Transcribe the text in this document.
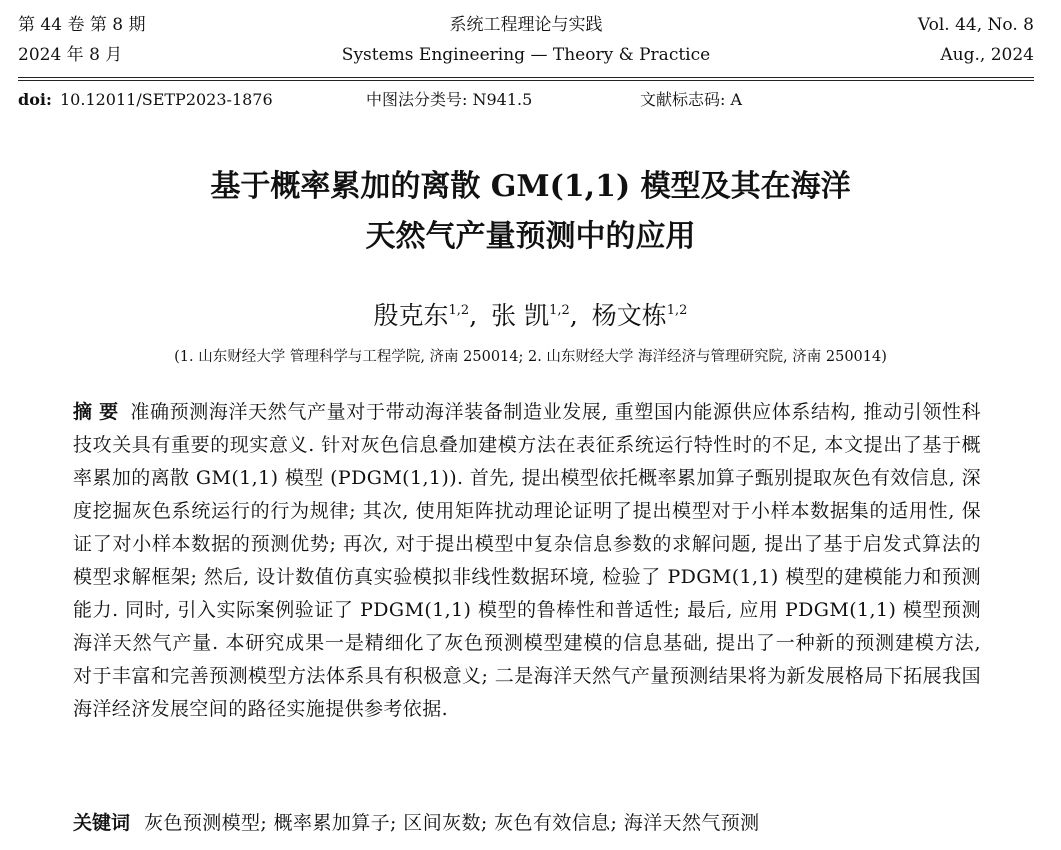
第 44 卷 第 8 期	系统工程理论与实践	Vol. 44, No. 8
2024 年 8 月	Systems Engineering — Theory & Practice	Aug., 2024
doi: 10.12011/SETP2023-1876	中图法分类号: N941.5	文献标志码: A
基于概率累加的离散 GM(1,1) 模型及其在海洋
天然气产量预测中的应用
殷克东$^{1,2}$, 张 凯$^{1,2}$, 杨文栋$^{1,2}$
(1. 山东财经大学 管理科学与工程学院, 济南 250014; 2. 山东财经大学 海洋经济与管理研究院, 济南 250014)
摘 要 准确预测海洋天然气产量对于带动海洋装备制造业发展, 重塑国内能源供应体系结构, 推动引领性科技攻关具有重要的现实意义. 针对灰色信息叠加建模方法在表征系统运行特性时的不足, 本文提出了基于概率累加的离散 GM(1,1) 模型 (PDGM(1,1)). 首先, 提出模型依托概率累加算子甄别提取灰色有效信息, 深度挖掘灰色系统运行的行为规律; 其次, 使用矩阵扰动理论证明了提出模型对于小样本数据集的适用性, 保证了对小样本数据的预测优势; 再次, 对于提出模型中复杂信息参数的求解问题, 提出了基于启发式算法的模型求解框架; 然后, 设计数值仿真实验模拟非线性数据环境, 检验了 PDGM(1,1) 模型的建模能力和预测能力. 同时, 引入实际案例验证了 PDGM(1,1) 模型的鲁棒性和普适性; 最后, 应用 PDGM(1,1) 模型预测海洋天然气产量. 本研究成果一是精细化了灰色预测模型建模的信息基础, 提出了一种新的预测建模方法, 对于丰富和完善预测模型方法体系具有积极意义; 二是海洋天然气产量预测结果将为新发展格局下拓展我国海洋经济发展空间的路径实施提供参考依据.
关键词 灰色预测模型; 概率累加算子; 区间灰数; 灰色有效信息; 海洋天然气预测
